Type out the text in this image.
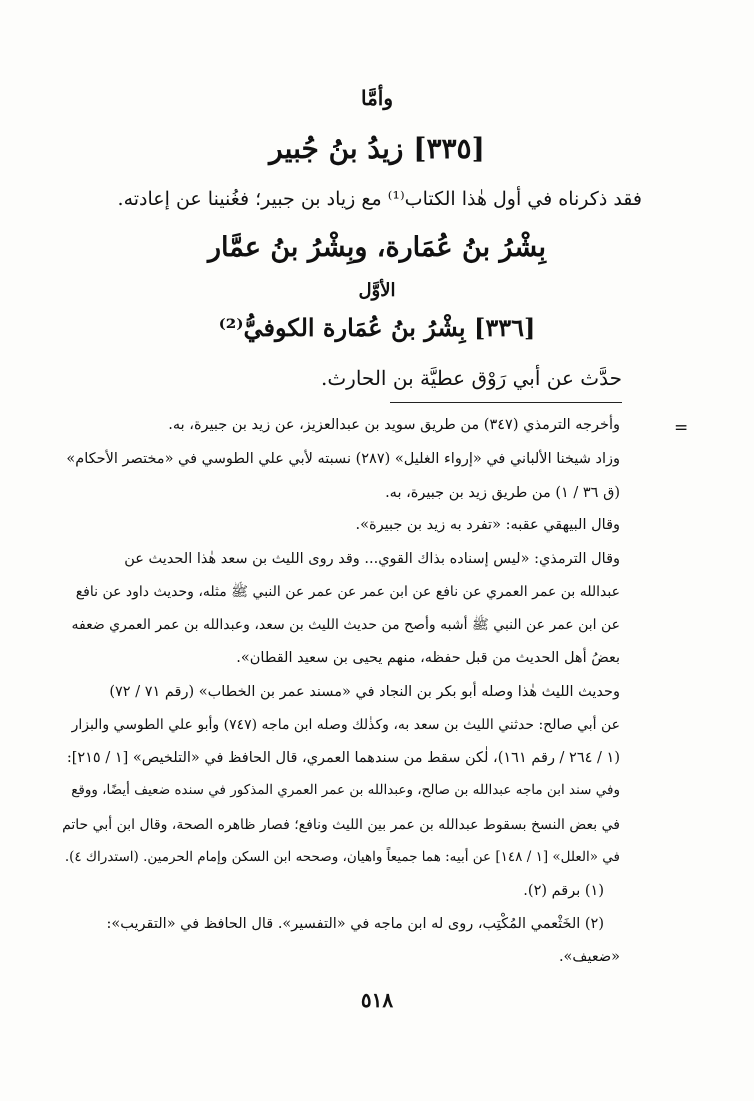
وأمَّا
[٣٣٥] زيدُ بنُ جُبير
فقد ذكرناه في أول هٰذا الكتاب⁽¹⁾ مع زياد بن جبير؛ فغُنينا عن إعادته.
بِشْرُ بنُ عُمَارة، وبِشْرُ بنُ عمَّار
الأوَّل
[٣٣٦] بِشْرُ بنُ عُمَارة الكوفيُّ⁽²⁾
حدَّث عن أبي رَوْق عطيَّة بن الحارث.
=
وأخرجه الترمذي (٣٤٧) من طريق سويد بن عبدالعزيز، عن زيد بن جبيرة، به.
وزاد شيخنا الألباني في «إرواء الغليل» (٢٨٧) نسبته لأبي علي الطوسي في «مختصر الأحكام»
(ق ٣٦ / ١) من طريق زيد بن جبيرة، به.
وقال البيهقي عقبه: «تفرد به زيد بن جبيرة».
وقال الترمذي: «ليس إسناده بذاك القوي... وقد روى الليث بن سعد هٰذا الحديث عن
عبدالله بن عمر العمري عن نافع عن ابن عمر عن عمر عن النبي ﷺ مثله، وحديث داود عن نافع
عن ابن عمر عن النبي ﷺ أشبه وأصح من حديث الليث بن سعد، وعبدالله بن عمر العمري ضعفه
بعضُ أهل الحديث من قبل حفظه، منهم يحيى بن سعيد القطان».
وحديث الليث هٰذا وصله أبو بكر بن النجاد في «مسند عمر بن الخطاب» (رقم ٧١ / ٧٢)
عن أبي صالح: حدثني الليث بن سعد به، وكذٰلك وصله ابن ماجه (٧٤٧) وأبو علي الطوسي والبزار
(١ / ٢٦٤ / رقم ١٦١)، لٰكن سقط من سندهما العمري، قال الحافظ في «التلخيص» [١ / ٢١٥]:
وفي سند ابن ماجه عبدالله بن صالح، وعبدالله بن عمر العمري المذكور في سنده ضعيف أيضًا، ووقع
في بعض النسخ بسقوط عبدالله بن عمر بين الليث ونافع؛ فصار ظاهره الصحة، وقال ابن أبي حاتم
في «العلل» [١ / ١٤٨] عن أبيه: هما جميعاً واهيان، وصححه ابن السكن وإمام الحرمين. (استدراك ٤).
(١) برقم (٢).
(٢) الخَثْعمي المُكْتِب، روى له ابن ماجه في «التفسير». قال الحافظ في «التقريب»:
«ضعيف».
٥١٨
